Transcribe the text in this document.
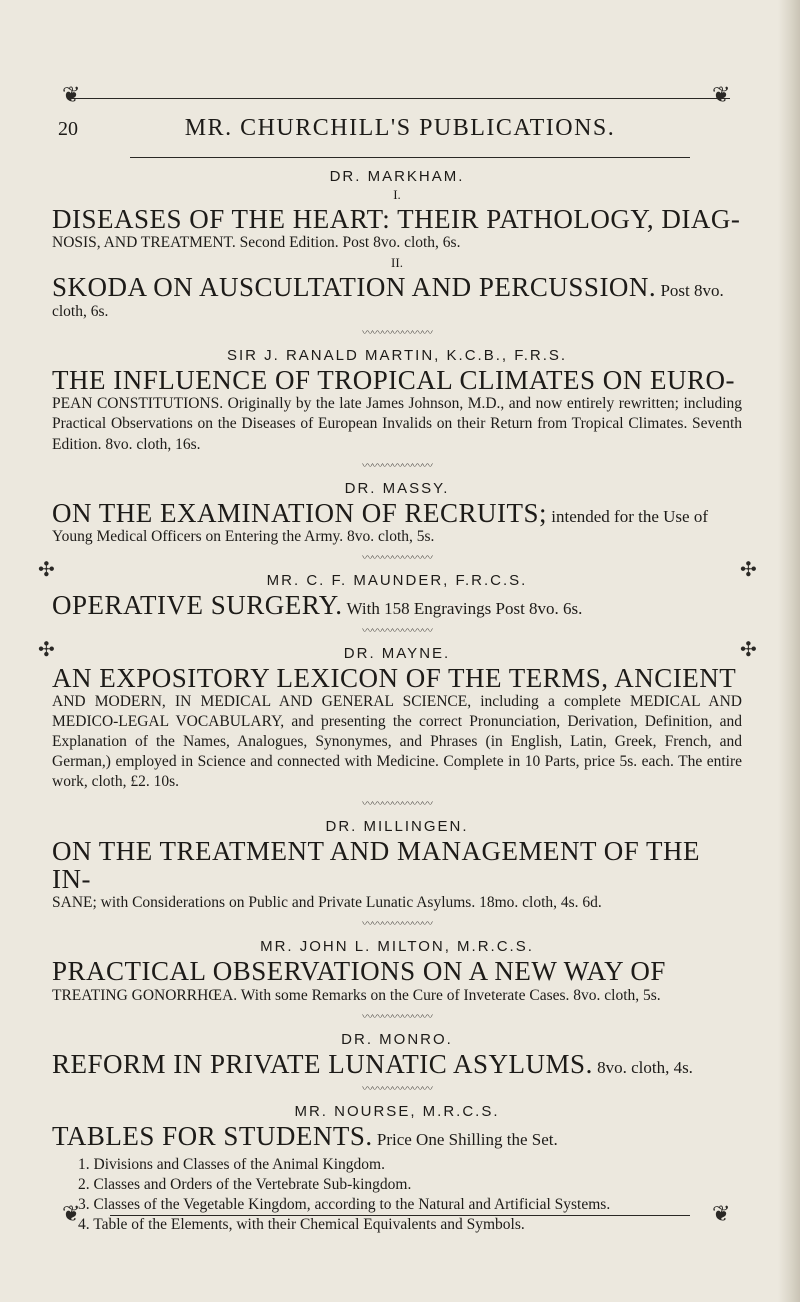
❦	❦
❦	❦
✣
✣
✣
✣
20	MR. CHURCHILL'S PUBLICATIONS.

DR. MARKHAM.

I.

DISEASES OF THE HEART: THEIR PATHOLOGY, DIAG-

NOSIS, AND TREATMENT. Second Edition. Post 8vo. cloth, 6s.

II.

SKODA ON AUSCULTATION AND PERCUSSION. Post 8vo.

cloth, 6s.

〰〰〰〰〰〰〰

SIR J. RANALD MARTIN, K.C.B., F.R.S.

THE INFLUENCE OF TROPICAL CLIMATES ON EURO-

PEAN CONSTITUTIONS. Originally by the late James Johnson, M.D., and now entirely rewritten; including Practical Observations on the Diseases of European Invalids on their Return from Tropical Climates. Seventh Edition. 8vo. cloth, 16s.

〰〰〰〰〰〰〰

DR. MASSY.

ON THE EXAMINATION OF RECRUITS; intended for the Use of

Young Medical Officers on Entering the Army. 8vo. cloth, 5s.

〰〰〰〰〰〰〰

MR. C. F. MAUNDER, F.R.C.S.

OPERATIVE SURGERY. With 158 Engravings Post 8vo. 6s.

〰〰〰〰〰〰〰

DR. MAYNE.

AN EXPOSITORY LEXICON OF THE TERMS, ANCIENT

AND MODERN, IN MEDICAL AND GENERAL SCIENCE, including a complete MEDICAL AND MEDICO-LEGAL VOCABULARY, and presenting the correct Pronunciation, Derivation, Definition, and Explanation of the Names, Analogues, Synonymes, and Phrases (in English, Latin, Greek, French, and German,) employed in Science and connected with Medicine. Complete in 10 Parts, price 5s. each. The entire work, cloth, £2. 10s.

〰〰〰〰〰〰〰

DR. MILLINGEN.

ON THE TREATMENT AND MANAGEMENT OF THE IN-

SANE; with Considerations on Public and Private Lunatic Asylums. 18mo. cloth, 4s. 6d.

〰〰〰〰〰〰〰

MR. JOHN L. MILTON, M.R.C.S.

PRACTICAL OBSERVATIONS ON A NEW WAY OF

TREATING GONORRHŒA. With some Remarks on the Cure of Inveterate Cases. 8vo. cloth, 5s.

〰〰〰〰〰〰〰

DR. MONRO.

REFORM IN PRIVATE LUNATIC ASYLUMS. 8vo. cloth, 4s.

〰〰〰〰〰〰〰

MR. NOURSE, M.R.C.S.

TABLES FOR STUDENTS. Price One Shilling the Set.

1. Divisions and Classes of the Animal Kingdom.
2. Classes and Orders of the Vertebrate Sub-kingdom.
3. Classes of the Vegetable Kingdom, according to the Natural and Artificial Systems.
4. Table of the Elements, with their Chemical Equivalents and Symbols.
